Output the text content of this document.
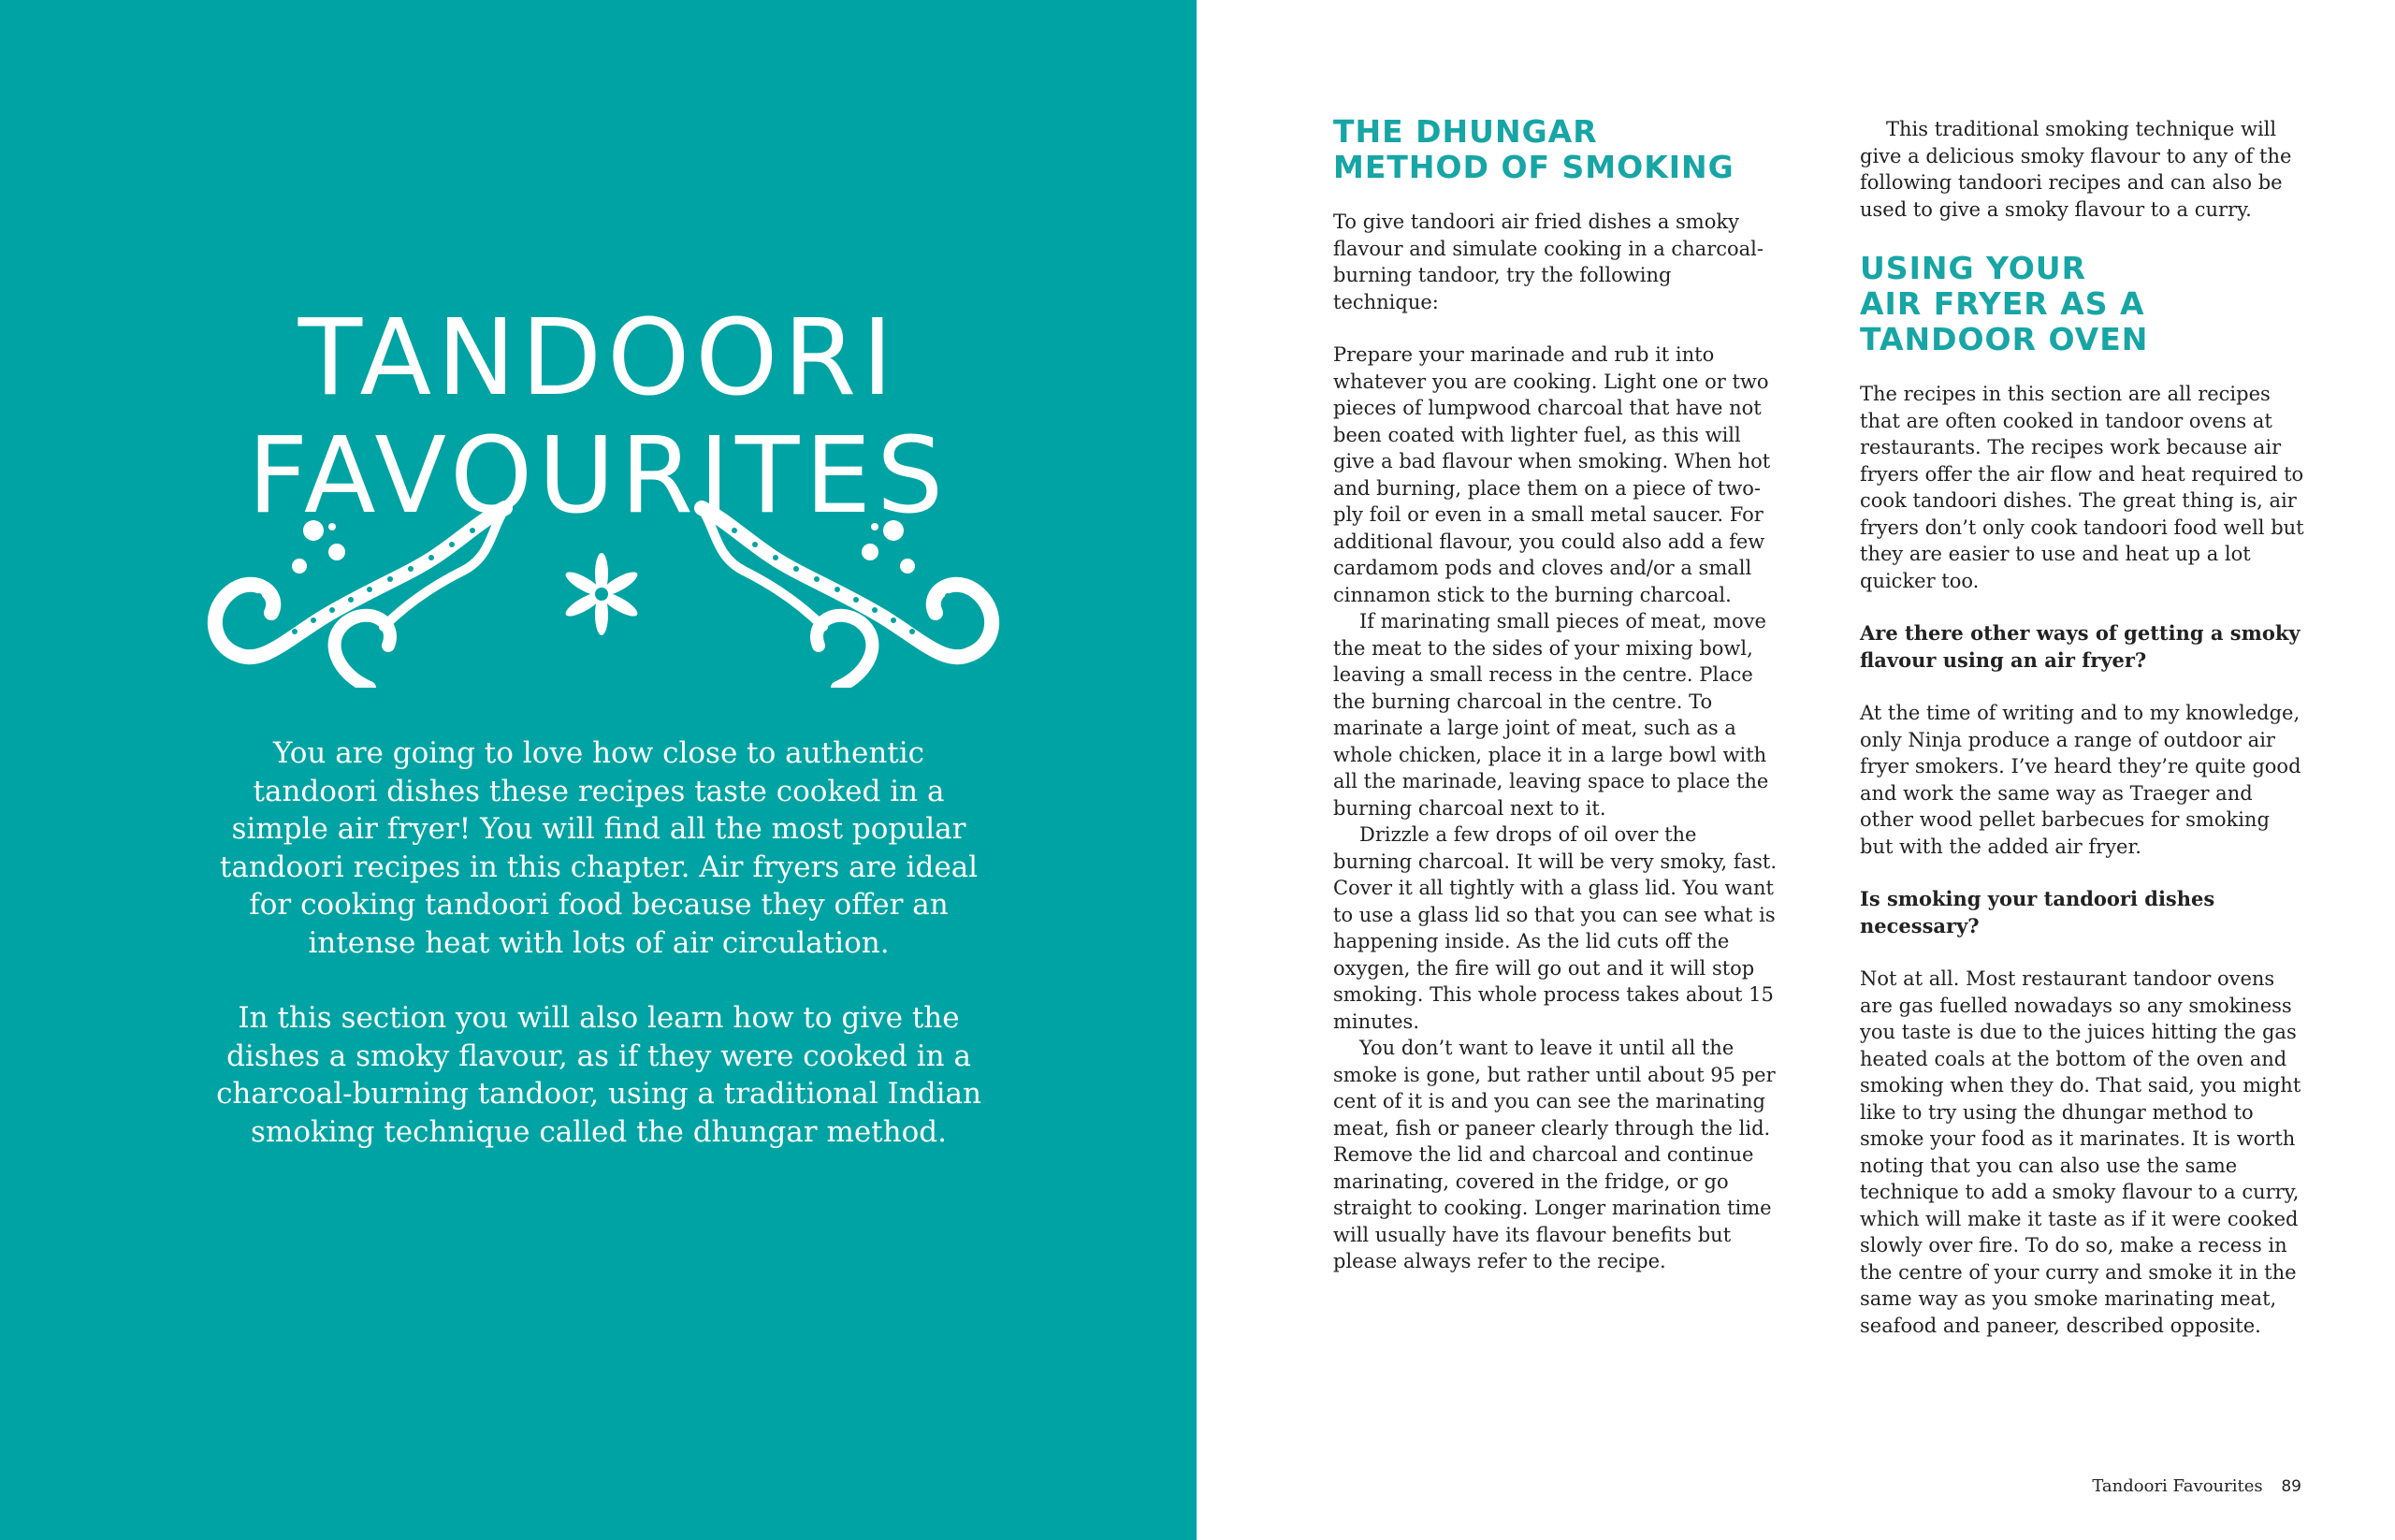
TANDOORI
FAVOURITES

You are going to love how close to authentic tandoori dishes these recipes taste cooked in a simple air fryer! You will find all the most popular tandoori recipes in this chapter. Air fryers are ideal for cooking tandoori food because they offer an intense heat with lots of air circulation.

In this section you will also learn how to give the dishes a smoky flavour, as if they were cooked in a charcoal-burning tandoor, using a traditional Indian smoking technique called the dhungar method.

THE DHUNGAR
METHOD OF SMOKING

To give tandoori air fried dishes a smoky flavour and simulate cooking in a charcoal-burning tandoor, try the following technique:

Prepare your marinade and rub it into whatever you are cooking. Light one or two pieces of lumpwood charcoal that have not been coated with lighter fuel, as this will give a bad flavour when smoking. When hot and burning, place them on a piece of two-ply foil or even in a small metal saucer. For additional flavour, you could also add a few cardamom pods and cloves and/or a small cinnamon stick to the burning charcoal.

If marinating small pieces of meat, move the meat to the sides of your mixing bowl, leaving a small recess in the centre. Place the burning charcoal in the centre. To marinate a large joint of meat, such as a whole chicken, place it in a large bowl with all the marinade, leaving space to place the burning charcoal next to it.

Drizzle a few drops of oil over the burning charcoal. It will be very smoky, fast. Cover it all tightly with a glass lid. You want to use a glass lid so that you can see what is happening inside. As the lid cuts off the oxygen, the fire will go out and it will stop smoking. This whole process takes about 15 minutes.

You don’t want to leave it until all the smoke is gone, but rather until about 95 per cent of it is and you can see the marinating meat, fish or paneer clearly through the lid. Remove the lid and charcoal and continue marinating, covered in the fridge, or go straight to cooking. Longer marination time will usually have its flavour benefits but please always refer to the recipe.

This traditional smoking technique will give a delicious smoky flavour to any of the following tandoori recipes and can also be used to give a smoky flavour to a curry.

USING YOUR
AIR FRYER AS A
TANDOOR OVEN

The recipes in this section are all recipes that are often cooked in tandoor ovens at restaurants. The recipes work because air fryers offer the air flow and heat required to cook tandoori dishes. The great thing is, air fryers don’t only cook tandoori food well but they are easier to use and heat up a lot quicker too.

Are there other ways of getting a smoky flavour using an air fryer?

At the time of writing and to my knowledge, only Ninja produce a range of outdoor air fryer smokers. I’ve heard they’re quite good and work the same way as Traeger and other wood pellet barbecues for smoking but with the added air fryer.

Is smoking your tandoori dishes necessary?

Not at all. Most restaurant tandoor ovens are gas fuelled nowadays so any smokiness you taste is due to the juices hitting the gas heated coals at the bottom of the oven and smoking when they do. That said, you might like to try using the dhungar method to smoke your food as it marinates. It is worth noting that you can also use the same technique to add a smoky flavour to a curry, which will make it taste as if it were cooked slowly over fire. To do so, make a recess in the centre of your curry and smoke it in the same way as you smoke marinating meat, seafood and paneer, described opposite.

Tandoori Favourites 89
